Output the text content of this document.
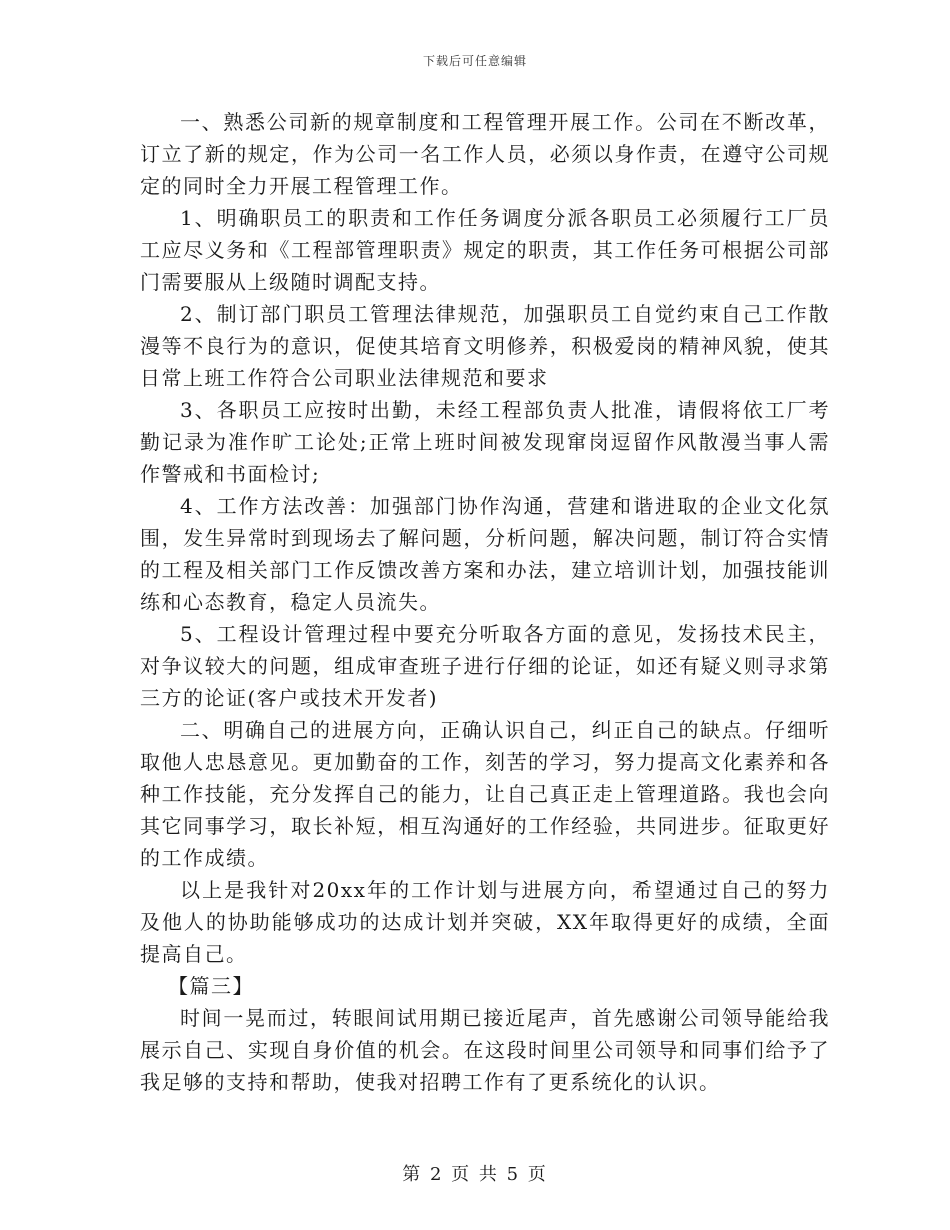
下载后可任意编辑

一、熟悉公司新的规章制度和工程管理开展工作。公司在不断改革，订立了新的规定，作为公司一名工作人员，必须以身作责，在遵守公司规定的同时全力开展工程管理工作。

1、明确职员工的职责和工作任务调度分派各职员工必须履行工厂员工应尽义务和《工程部管理职责》规定的职责，其工作任务可根据公司部门需要服从上级随时调配支持。

2、制订部门职员工管理法律规范，加强职员工自觉约束自己工作散漫等不良行为的意识，促使其培育文明修养，积极爱岗的精神风貌，使其日常上班工作符合公司职业法律规范和要求

3、各职员工应按时出勤，未经工程部负责人批准，请假将依工厂考勤记录为准作旷工论处;正常上班时间被发现窜岗逗留作风散漫当事人需作警戒和书面检讨;

4、工作方法改善：加强部门协作沟通，营建和谐进取的企业文化氛围，发生异常时到现场去了解问题，分析问题，解决问题，制订符合实情的工程及相关部门工作反馈改善方案和办法，建立培训计划，加强技能训练和心态教育，稳定人员流失。

5、工程设计管理过程中要充分听取各方面的意见，发扬技术民主，对争议较大的问题，组成审查班子进行仔细的论证，如还有疑义则寻求第三方的论证(客户或技术开发者)

二、明确自己的进展方向，正确认识自己，纠正自己的缺点。仔细听取他人忠恳意见。更加勤奋的工作，刻苦的学习，努力提高文化素养和各种工作技能，充分发挥自己的能力，让自己真正走上管理道路。我也会向其它同事学习，取长补短，相互沟通好的工作经验，共同进步。征取更好的工作成绩。

以上是我针对20xx年的工作计划与进展方向，希望通过自己的努力及他人的协助能够成功的达成计划并突破，XX年取得更好的成绩，全面提高自己。

【篇三】

时间一晃而过，转眼间试用期已接近尾声，首先感谢公司领导能给我展示自己、实现自身价值的机会。在这段时间里公司领导和同事们给予了我足够的支持和帮助，使我对招聘工作有了更系统化的认识。

第 2 页 共 5 页
